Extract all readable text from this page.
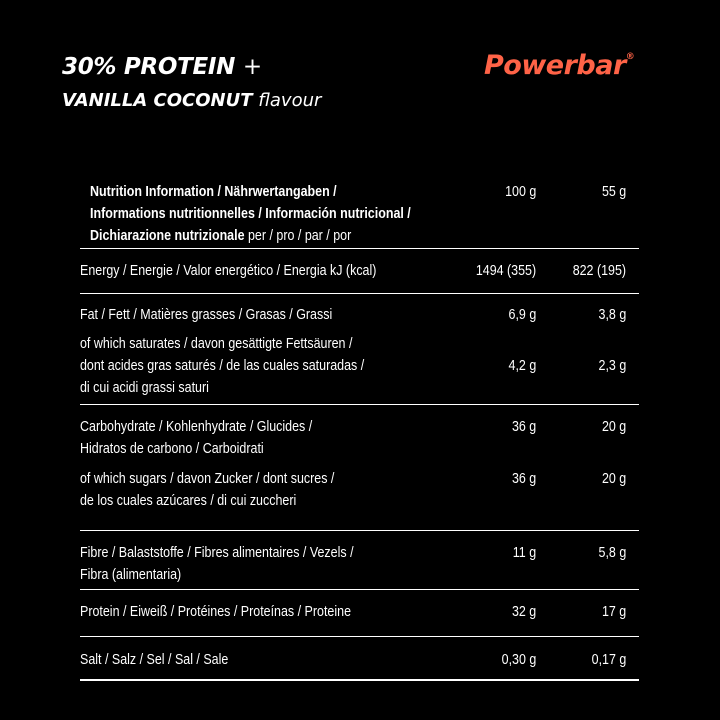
30% PROTEIN +
VANILLA COCONUT flavour
Powerbar®
Nutrition Information / Nährwertangaben /
Informations nutritionnelles / Información nutricional /
Dichiarazione nutrizionale per / pro / par / por
100 g	55 g
Energy / Energie / Valor energético / Energia kJ (kcal)	1494 (355)	822 (195)
Fat / Fett / Matières grasses / Grasas / Grassi	6,9 g	3,8 g
of which saturates / davon gesättigte Fettsäuren /
dont acides gras saturés / de las cuales saturadas /
di cui acidi grassi saturi
4,2 g	2,3 g
Carbohydrate / Kohlenhydrate / Glucides /
Hidratos de carbono / Carboidrati
36 g	20 g
of which sugars / davon Zucker / dont sucres /
de los cuales azúcares / di cui zuccheri
36 g	20 g
Fibre / Balaststoffe / Fibres alimentaires / Vezels /
Fibra (alimentaria)
11 g	5,8 g
Protein / Eiweiß / Protéines / Proteínas / Proteine	32 g	17 g
Salt / Salz / Sel / Sal / Sale	0,30 g	0,17 g
